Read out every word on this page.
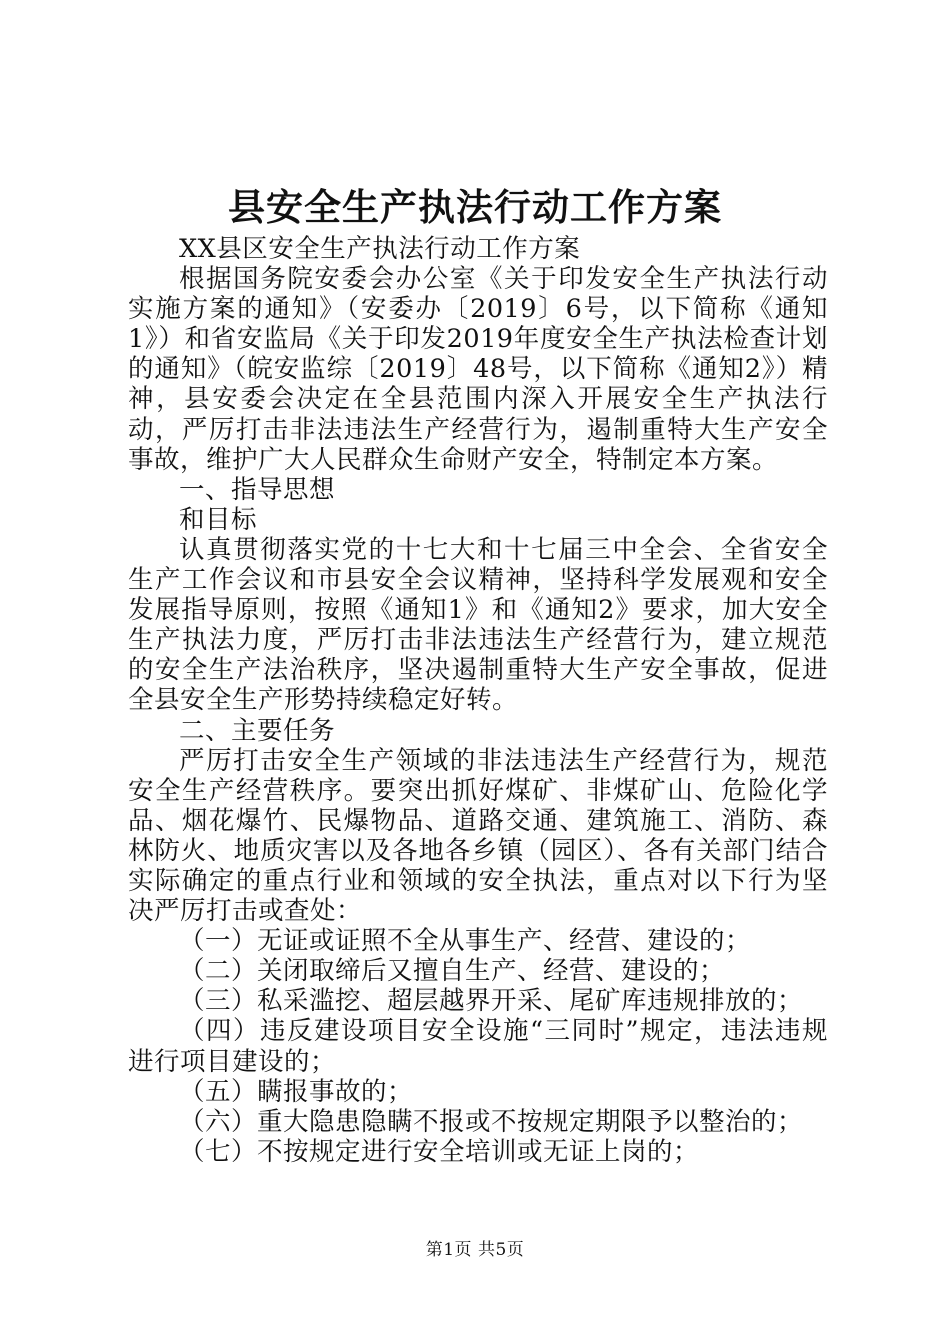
县安全生产执法行动工作方案

XX县区安全生产执法行动工作方案

根据国务院安委会办公室《关于印发安全生产执法行动实施方案的通知》（安委办〔2019〕6号，以下简称《通知1》）和省安监局《关于印发2019年度安全生产执法检查计划的通知》（皖安监综〔2019〕48号，以下简称《通知2》）精神，县安委会决定在全县范围内深入开展安全生产执法行动，严厉打击非法违法生产经营行为，遏制重特大生产安全事故，维护广大人民群众生命财产安全，特制定本方案。

一、指导思想

和目标

认真贯彻落实党的十七大和十七届三中全会、全省安全生产工作会议和市县安全会议精神，坚持科学发展观和安全发展指导原则，按照《通知1》和《通知2》要求，加大安全生产执法力度，严厉打击非法违法生产经营行为，建立规范的安全生产法治秩序，坚决遏制重特大生产安全事故，促进全县安全生产形势持续稳定好转。

二、主要任务

严厉打击安全生产领域的非法违法生产经营行为，规范安全生产经营秩序。要突出抓好煤矿、非煤矿山、危险化学品、烟花爆竹、民爆物品、道路交通、建筑施工、消防、森林防火、地质灾害以及各地各乡镇（园区）、各有关部门结合实际确定的重点行业和领域的安全执法，重点对以下行为坚决严厉打击或查处：

（一）无证或证照不全从事生产、经营、建设的；

（二）关闭取缔后又擅自生产、经营、建设的；

（三）私采滥挖、超层越界开采、尾矿库违规排放的；

（四）违反建设项目安全设施“三同时”规定，违法违规进行项目建设的；

（五）瞒报事故的；

（六）重大隐患隐瞒不报或不按规定期限予以整治的；

（七）不按规定进行安全培训或无证上岗的；

第1页 共5页
